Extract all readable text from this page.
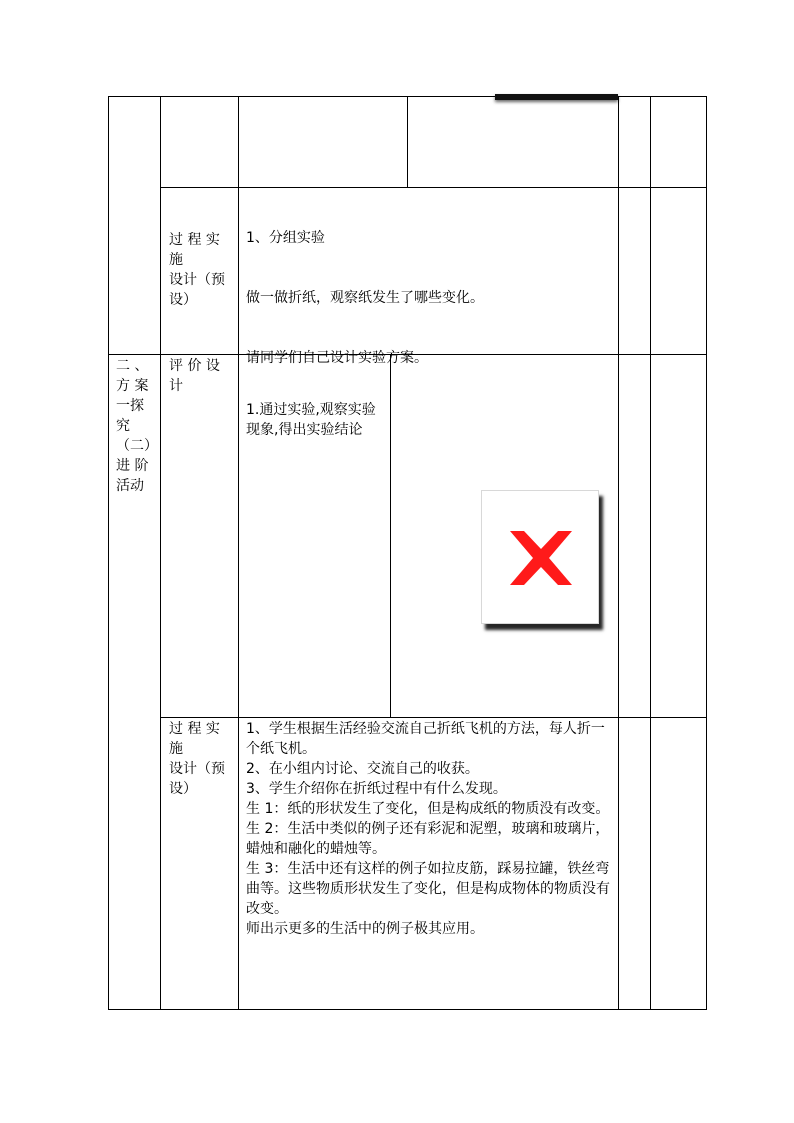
过 程 实
施
设计（预
设）

1、分组实验

做一做折纸，观察纸发生了哪些变化。

请同学们自己设计实验方案。

二 、
方 案
一探
究
（二）
进 阶
活动
评 价 设
计
1.通过实验,观察实验现象,得出实验结论
过 程 实
施
设计（预
设）

1、学生根据生活经验交流自己折纸飞机的方法，每人折一个纸飞机。

2、在小组内讨论、交流自己的收获。

3、学生介绍你在折纸过程中有什么发现。

生 1：纸的形状发生了变化，但是构成纸的物质没有改变。

生 2：生活中类似的例子还有彩泥和泥塑，玻璃和玻璃片，蜡烛和融化的蜡烛等。

生 3：生活中还有这样的例子如拉皮筋，踩易拉罐，铁丝弯曲等。这些物质形状发生了变化，但是构成物体的物质没有改变。

师出示更多的生活中的例子极其应用。
